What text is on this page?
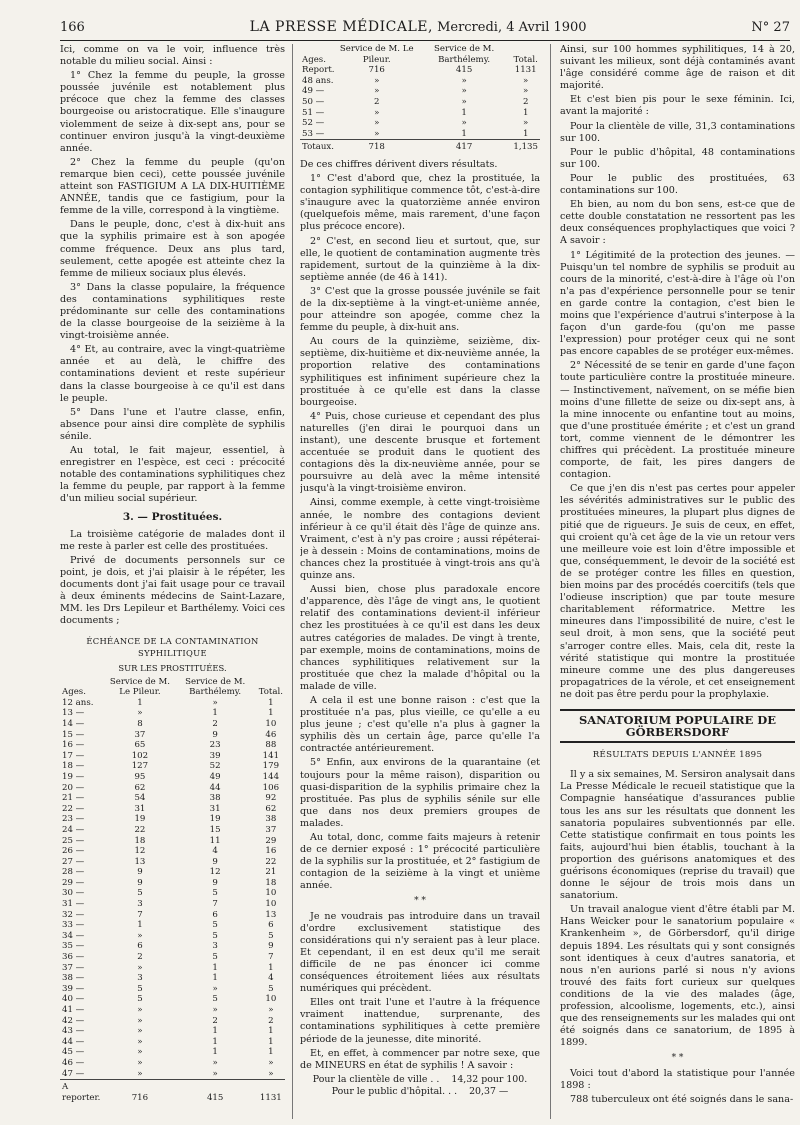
166	LA PRESSE MÉDICALE, Mercredi, 4 Avril 1900	N° 27

Ici, comme on va le voir, influence très notable du milieu social. Ainsi :

1° Chez la femme du peuple, la grosse poussée juvénile est notablement plus précoce que chez la femme des classes bourgeoise ou aristocratique. Elle s'inaugure violemment de seize à dix-sept ans, pour se continuer environ jusqu'à la vingt-deuxième année.

2° Chez la femme du peuple (qu'on remarque bien ceci), cette poussée juvénile atteint son FASTIGIUM A LA DIX-HUITIÈME ANNÉE, tandis que ce fastigium, pour la femme de la ville, correspond à la vingtième.

Dans le peuple, donc, c'est à dix-huit ans que la syphilis primaire est à son apogée comme fréquence. Deux ans plus tard, seulement, cette apogée est atteinte chez la femme de milieux sociaux plus élevés.

3° Dans la classe populaire, la fréquence des contaminations syphilitiques reste prédominante sur celle des contaminations de la classe bourgeoise de la seizième à la vingt-troisième année.

4° Et, au contraire, avec la vingt-quatrième année et au delà, le chiffre des contaminations devient et reste supérieur dans la classe bourgeoise à ce qu'il est dans le peuple.

5° Dans l'une et l'autre classe, enfin, absence pour ainsi dire complète de syphilis sénile.

Au total, le fait majeur, essentiel, à enregistrer en l'espèce, est ceci : précocité notable des contaminations syphilitiques chez la femme du peuple, par rapport à la femme d'un milieu social supérieur.

3. — Prostituées.

La troisième catégorie de malades dont il me reste à parler est celle des prostituées.

Privé de documents personnels sur ce point, je dois, et j'ai plaisir à le répéter, les documents dont j'ai fait usage pour ce travail à deux éminents médecins de Saint-Lazare, MM. les Drs Lepileur et Barthélemy. Voici ces documents ;

ÉCHÉANCE DE LA CONTAMINATION SYPHILITIQUE
SUR LES PROSTITUÉES.
Ages.	Service de M. Le Pileur.	Service de M. Barthélemy.	Total.
12 ans.	1	»	1
13 —	»	1	1
14 —	8	2	10
15 —	37	9	46
16 —	65	23	88
17 —	102	39	141
18 —	127	52	179
19 —	95	49	144
20 —	62	44	106
21 —	54	38	92
22 —	31	31	62
23 —	19	19	38
24 —	22	15	37
25 —	18	11	29
26 —	12	4	16
27 —	13	9	22
28 —	9	12	21
29 —	9	9	18
30 —	5	5	10
31 —	3	7	10
32 —	7	6	13
33 —	1	5	6
34 —	»	5	5
35 —	6	3	9
36 —	2	5	7
37 —	»	1	1
38 —	3	1	4
39 —	5	»	5
40 —	5	5	10
41 —	»	»	»
42 —	»	2	2
43 —	»	1	1
44 —	»	1	1
45 —	»	1	1
46 —	»	»	»
47 —	»	»	»
A reporter.	716	415	1131
Ages.	Service de M. Le Pileur.	Service de M. Barthélemy.	Total.
Report.	716	415	1131
48 ans.	»	»	»
49 —	»	»	»
50 —	2	»	2
51 —	»	1	1
52 —	»	»	»
53 —	»	1	1
Totaux.	718	417	1,135

De ces chiffres dérivent divers résultats.

1° C'est d'abord que, chez la prostituée, la contagion syphilitique commence tôt, c'est-à-dire s'inaugure avec la quatorzième année environ (quelquefois même, mais rarement, d'une façon plus précoce encore).

2° C'est, en second lieu et surtout, que, sur elle, le quotient de contamination augmente très rapidement, surtout de la quinzième à la dix-septième année (de 46 à 141).

3° C'est que la grosse poussée juvénile se fait de la dix-septième à la vingt-et-unième année, pour atteindre son apogée, comme chez la femme du peuple, à dix-huit ans.

Au cours de la quinzième, seizième, dix-septième, dix-huitième et dix-neuvième année, la proportion relative des contaminations syphilitiques est infiniment supérieure chez la prostituée à ce qu'elle est dans la classe bourgeoise.

4° Puis, chose curieuse et cependant des plus naturelles (j'en dirai le pourquoi dans un instant), une descente brusque et fortement accentuée se produit dans le quotient des contagions dès la dix-neuvième année, pour se poursuivre au delà avec la même intensité jusqu'à la vingt-troisième environ.

Ainsi, comme exemple, à cette vingt-troisième année, le nombre des contagions devient inférieur à ce qu'il était dès l'âge de quinze ans. Vraiment, c'est à n'y pas croire ; aussi répéterai-je à dessein : Moins de contaminations, moins de chances chez la prostituée à vingt-trois ans qu'à quinze ans.

Aussi bien, chose plus paradoxale encore d'apparence, dès l'âge de vingt ans, le quotient relatif des contaminations devient-il inférieur chez les prostituées à ce qu'il est dans les deux autres catégories de malades. De vingt à trente, par exemple, moins de contaminations, moins de chances syphilitiques relativement sur la prostituée que chez la malade d'hôpital ou la malade de ville.

A cela il est une bonne raison : c'est que la prostituée n'a pas, plus vieille, ce qu'elle a eu plus jeune ; c'est qu'elle n'a plus à gagner la syphilis dès un certain âge, parce qu'elle l'a contractée antérieurement.

5° Enfin, aux environs de la quarantaine (et toujours pour la même raison), disparition ou quasi-disparition de la syphilis primaire chez la prostituée. Pas plus de syphilis sénile sur elle que dans nos deux premiers groupes de malades.

Au total, donc, comme faits majeurs à retenir de ce dernier exposé : 1° précocité particulière de la syphilis sur la prostituée, et 2° fastigium de contagion de la seizième à la vingt et unième année.

* *

Je ne voudrais pas introduire dans un travail d'ordre exclusivement statistique des considérations qui n'y seraient pas à leur place. Et cependant, il en est deux qu'il me serait difficile de ne pas énoncer ici comme conséquences étroitement liées aux résultats numériques qui précèdent.

Elles ont trait l'une et l'autre à la fréquence vraiment inattendue, surprenante, des contaminations syphilitiques à cette première période de la jeunesse, dite minorité.

Et, en effet, à commencer par notre sexe, que de MINEURS en état de syphilis ! A savoir :

Pour la clientèle de ville . . 14,32 pour 100.
Pour le public d'hôpital. . . 20,37 —

Ainsi, sur 100 hommes syphilitiques, 14 à 20, suivant les milieux, sont déjà contaminés avant l'âge considéré comme âge de raison et dit majorité.

Et c'est bien pis pour le sexe féminin. Ici, avant la majorité :

Pour la clientèle de ville, 31,3 contaminations sur 100.

Pour le public d'hôpital, 48 contaminations sur 100.

Pour le public des prostituées, 63 contaminations sur 100.

Eh bien, au nom du bon sens, est-ce que de cette double constatation ne ressortent pas les deux conséquences prophylactiques que voici ? A savoir :

1° Légitimité de la protection des jeunes. — Puisqu'un tel nombre de syphilis se produit au cours de la minorité, c'est-à-dire à l'âge où l'on n'a pas d'expérience personnelle pour se tenir en garde contre la contagion, c'est bien le moins que l'expérience d'autrui s'interpose à la façon d'un garde-fou (qu'on me passe l'expression) pour protéger ceux qui ne sont pas encore capables de se protéger eux-mêmes.

2° Nécessité de se tenir en garde d'une façon toute particulière contre la prostituée mineure. — Instinctivement, naïvement, on se méfie bien moins d'une fillette de seize ou dix-sept ans, à la mine innocente ou enfantine tout au moins, que d'une prostituée émérite ; et c'est un grand tort, comme viennent de le démontrer les chiffres qui précèdent. La prostituée mineure comporte, de fait, les pires dangers de contagion.

Ce que j'en dis n'est pas certes pour appeler les sévérités administratives sur le public des prostituées mineures, la plupart plus dignes de pitié que de rigueurs. Je suis de ceux, en effet, qui croient qu'à cet âge de la vie un retour vers une meilleure voie est loin d'être impossible et que, conséquemment, le devoir de la société est de se protéger contre les filles en question, bien moins par des procédés coercitifs (tels que l'odieuse inscription) que par toute mesure charitablement réformatrice. Mettre les mineures dans l'impossibilité de nuire, c'est le seul droit, à mon sens, que la société peut s'arroger contre elles. Mais, cela dit, reste la vérité statistique qui montre la prostituée mineure comme une des plus dangereuses propagatrices de la vérole, et cet enseignement ne doit pas être perdu pour la prophylaxie.

SANATORIUM POPULAIRE DE GÖRBERSDORF
RÉSULTATS DEPUIS L'ANNÉE 1895

Il y a six semaines, M. Sersiron analysait dans La Presse Médicale le recueil statistique que la Compagnie hanséatique d'assurances publie tous les ans sur les résultats que donnent les sanatoria populaires subventionnés par elle. Cette statistique confirmait en tous points les faits, aujourd'hui bien établis, touchant à la proportion des guérisons anatomiques et des guérisons économiques (reprise du travail) que donne le séjour de trois mois dans un sanatorium.

Un travail analogue vient d'être établi par M. Hans Weicker pour le sanatorium populaire « Krankenheim », de Görbersdorf, qu'il dirige depuis 1894. Les résultats qui y sont consignés sont identiques à ceux d'autres sanatoria, et nous n'en aurions parlé si nous n'y avions trouvé des faits fort curieux sur quelques conditions de la vie des malades (âge, profession, alcoolisme, logements, etc.), ainsi que des renseignements sur les malades qui ont été soignés dans ce sanatorium, de 1895 à 1899.

* *

Voici tout d'abord la statistique pour l'année 1898 :

788 tuberculeux ont été soignés dans le sana-
